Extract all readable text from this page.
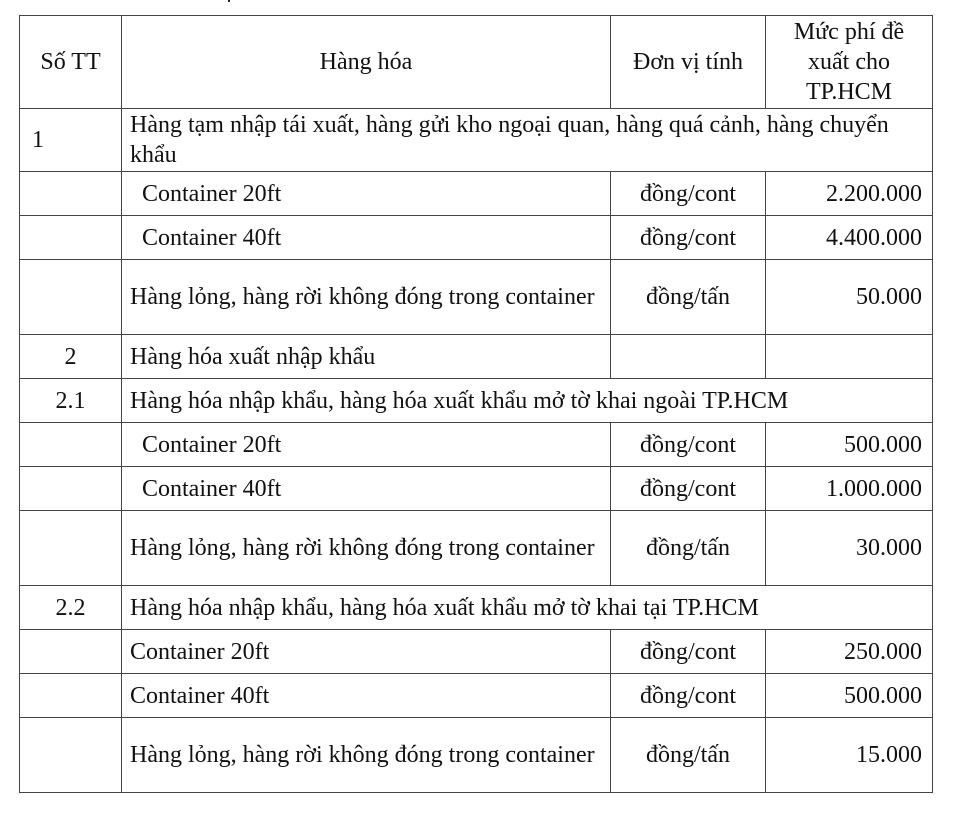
Số TT	Hàng hóa	Đơn vị tính	Mức phí đề xuất cho TP.HCM
1	Hàng tạm nhập tái xuất, hàng gửi kho ngoại quan, hàng quá cảnh, hàng chuyển khẩu		
	Container 20ft	đồng/cont	2.200.000
	Container 40ft	đồng/cont	4.400.000
	Hàng lỏng, hàng rời không đóng trong container	đồng/tấn	50.000
2	Hàng hóa xuất nhập khẩu		
2.1	Hàng hóa nhập khẩu, hàng hóa xuất khẩu mở tờ khai ngoài TP.HCM		
	Container 20ft	đồng/cont	500.000
	Container 40ft	đồng/cont	1.000.000
	Hàng lỏng, hàng rời không đóng trong container	đồng/tấn	30.000
2.2	Hàng hóa nhập khẩu, hàng hóa xuất khẩu mở tờ khai tại TP.HCM		
	Container 20ft	đồng/cont	250.000
	Container 40ft	đồng/cont	500.000
	Hàng lỏng, hàng rời không đóng trong container	đồng/tấn	15.000
